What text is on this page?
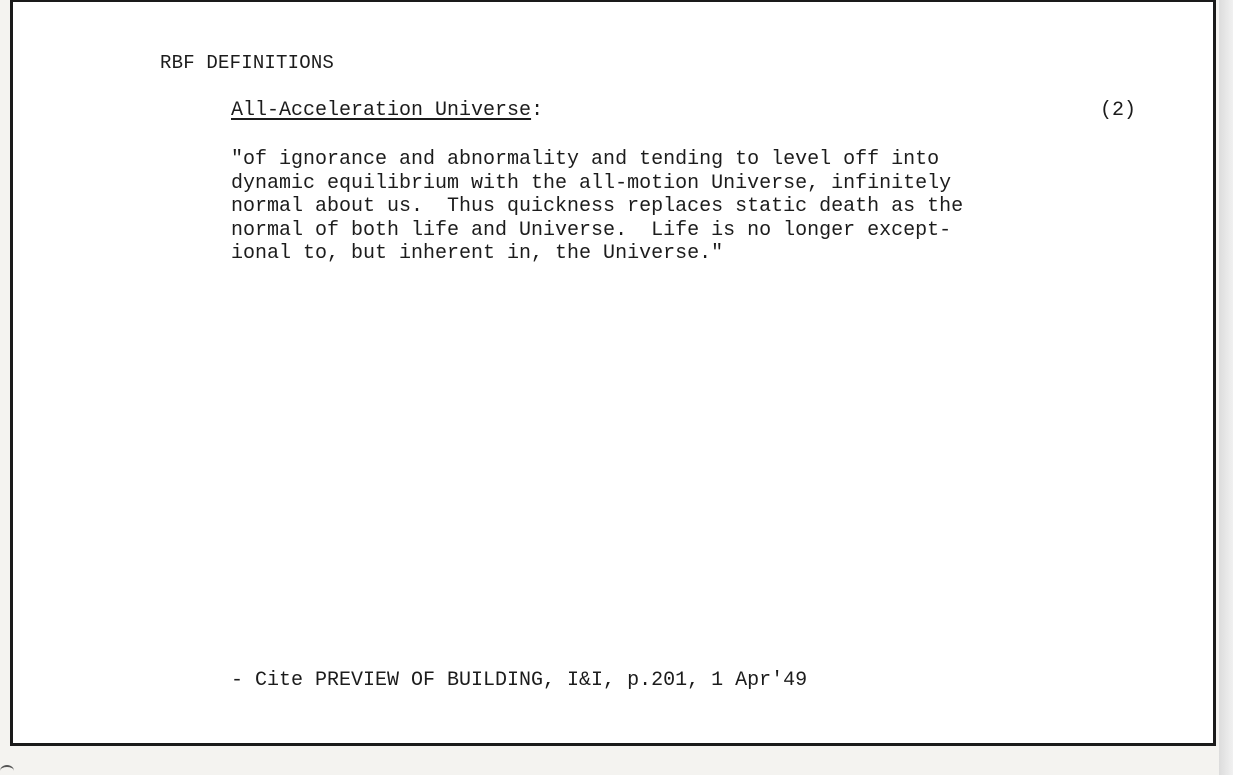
RBF DEFINITIONS
All-Acceleration Universe:	(2)
"of ignorance and abnormality and tending to level off into
dynamic equilibrium with the all-motion Universe, infinitely
normal about us.  Thus quickness replaces static death as the
normal of both life and Universe.  Life is no longer except-
ional to, but inherent in, the Universe."
- Cite PREVIEW OF BUILDING, I&I, p.201, 1 Apr'49
